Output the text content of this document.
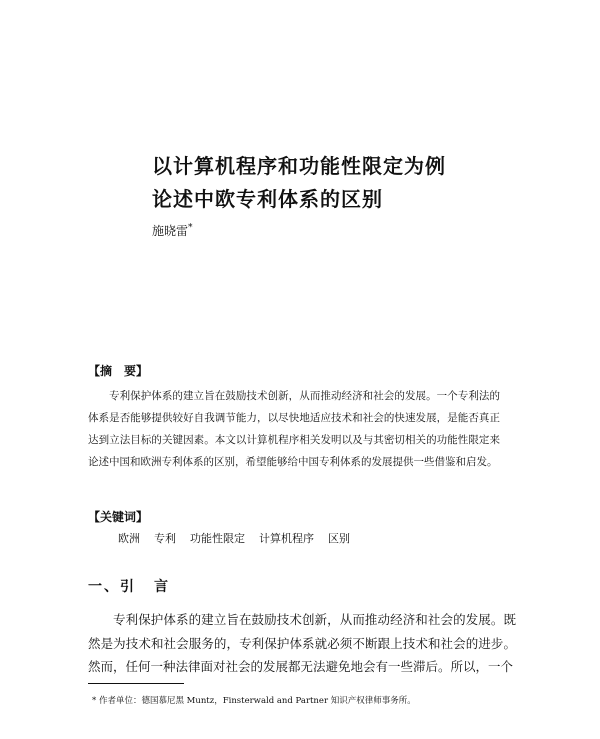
以计算机程序和功能性限定为例
论述中欧专利体系的区别
施晓雷*
【摘　要】
专利保护体系的建立旨在鼓励技术创新，从而推动经济和社会的发展。一个专利法的体系是否能够提供较好自我调节能力，以尽快地适应技术和社会的快速发展，是能否真正达到立法目标的关键因素。本文以计算机程序相关发明以及与其密切相关的功能性限定来论述中国和欧洲专利体系的区别，希望能够给中国专利体系的发展提供一些借鉴和启发。
【关键词】
欧洲 专利 功能性限定 计算机程序 区别
一、引 言
专利保护体系的建立旨在鼓励技术创新，从而推动经济和社会的发展。既然是为技术和社会服务的，专利保护体系就必须不断跟上技术和社会的进步。然而，任何一种法律面对社会的发展都无法避免地会有一些滞后。所以，一个
* 作者单位：德国慕尼黑 Muntz，Finsterwald and Partner 知识产权律师事务所。
